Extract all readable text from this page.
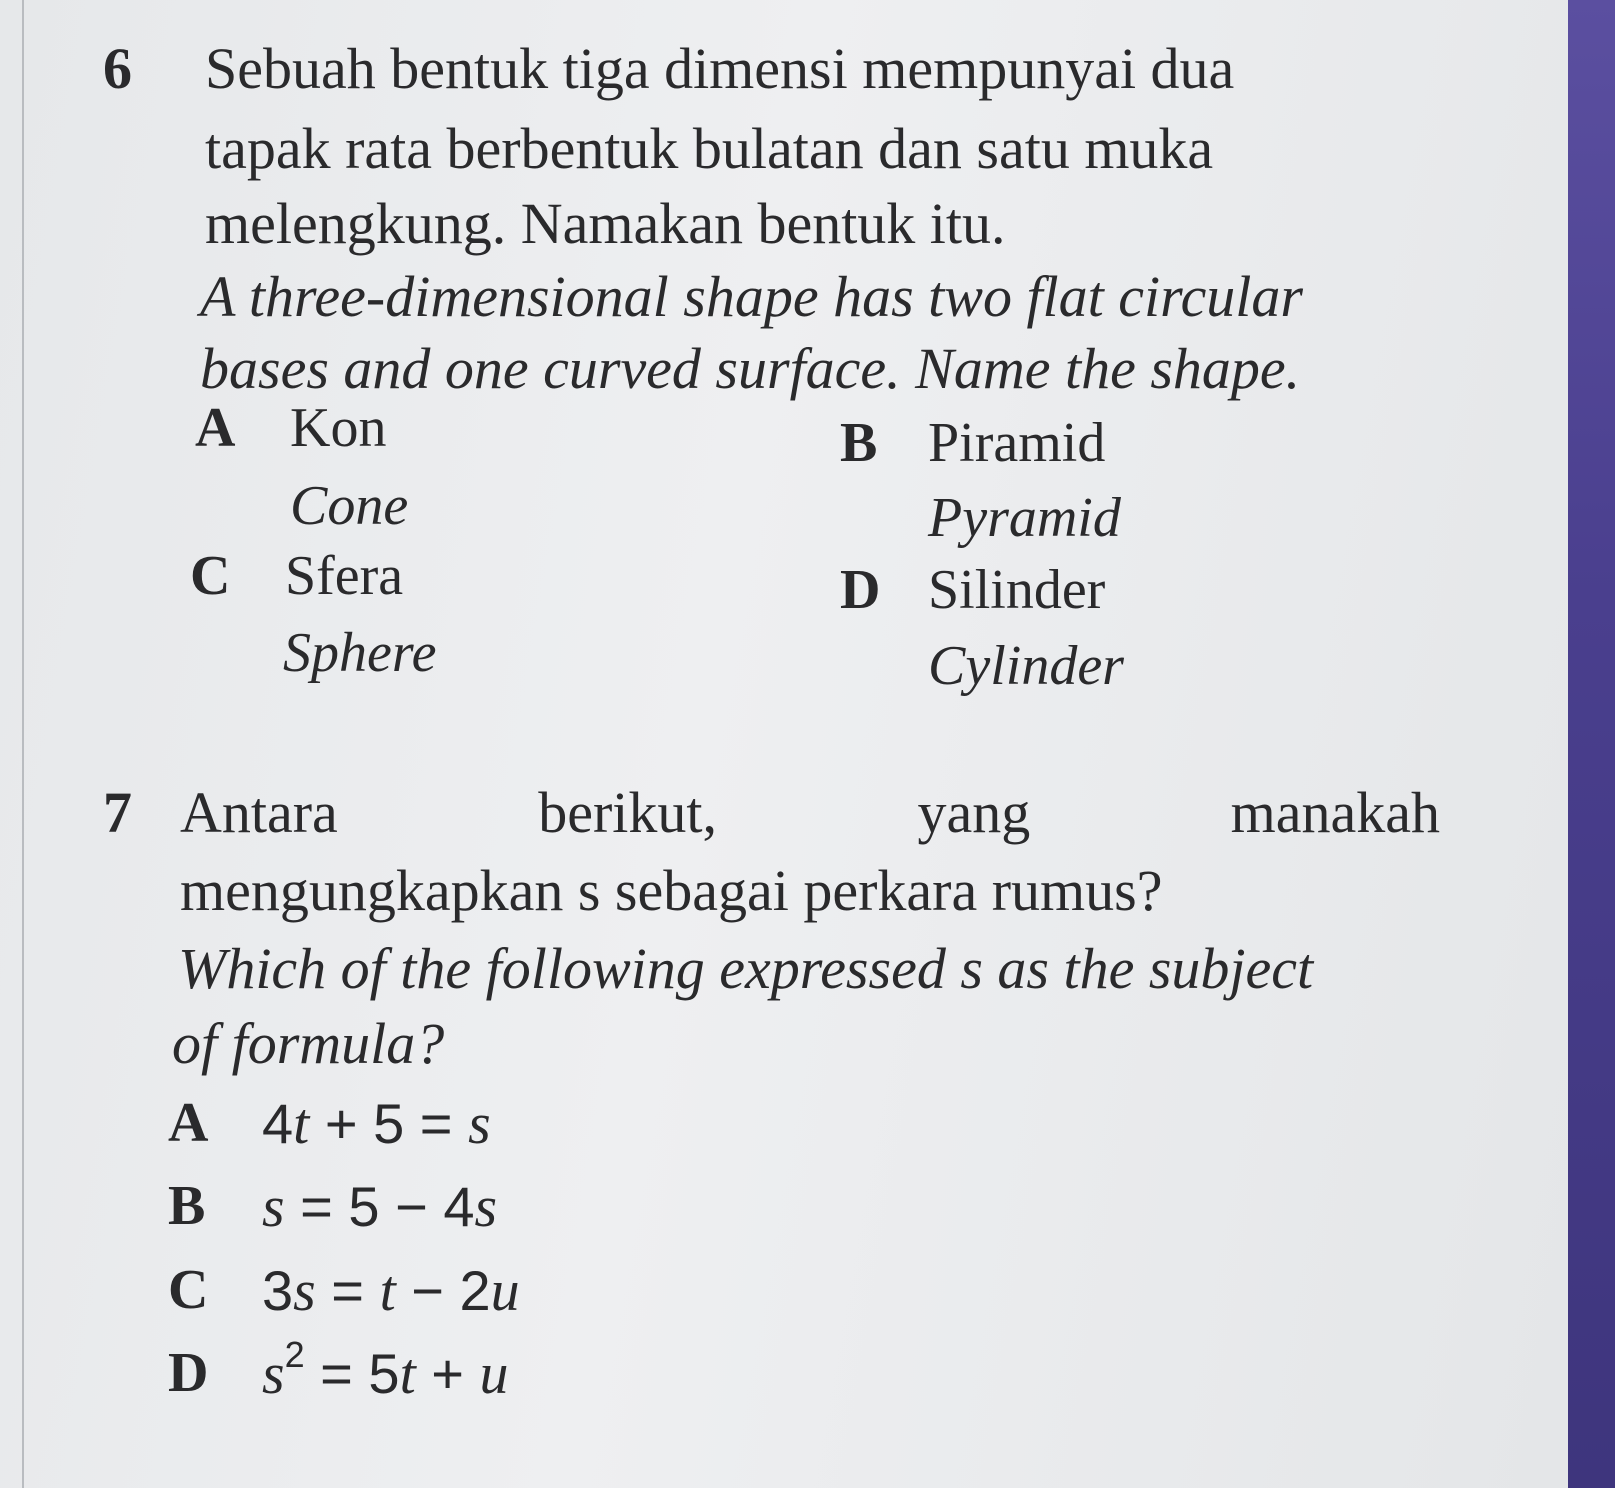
6 Sebuah bentuk tiga dimensi mempunyai dua
tapak rata berbentuk bulatan dan satu muka
melengkung. Namakan bentuk itu.
A three-dimensional shape has two flat circular
bases and one curved surface. Name the shape.
A Kon
Cone
B Piramid
Pyramid
C Sfera
Sphere
D Silinder
Cylinder
7 Antara	berikut,	yang	manakah
mengungkapkan s sebagai perkara rumus?
Which of the following expressed s as the subject
of formula?
A 4t + 5 = s
B s = 5 − 4s
C 3s = t − 2u
D $s^2 = 5t + u$
